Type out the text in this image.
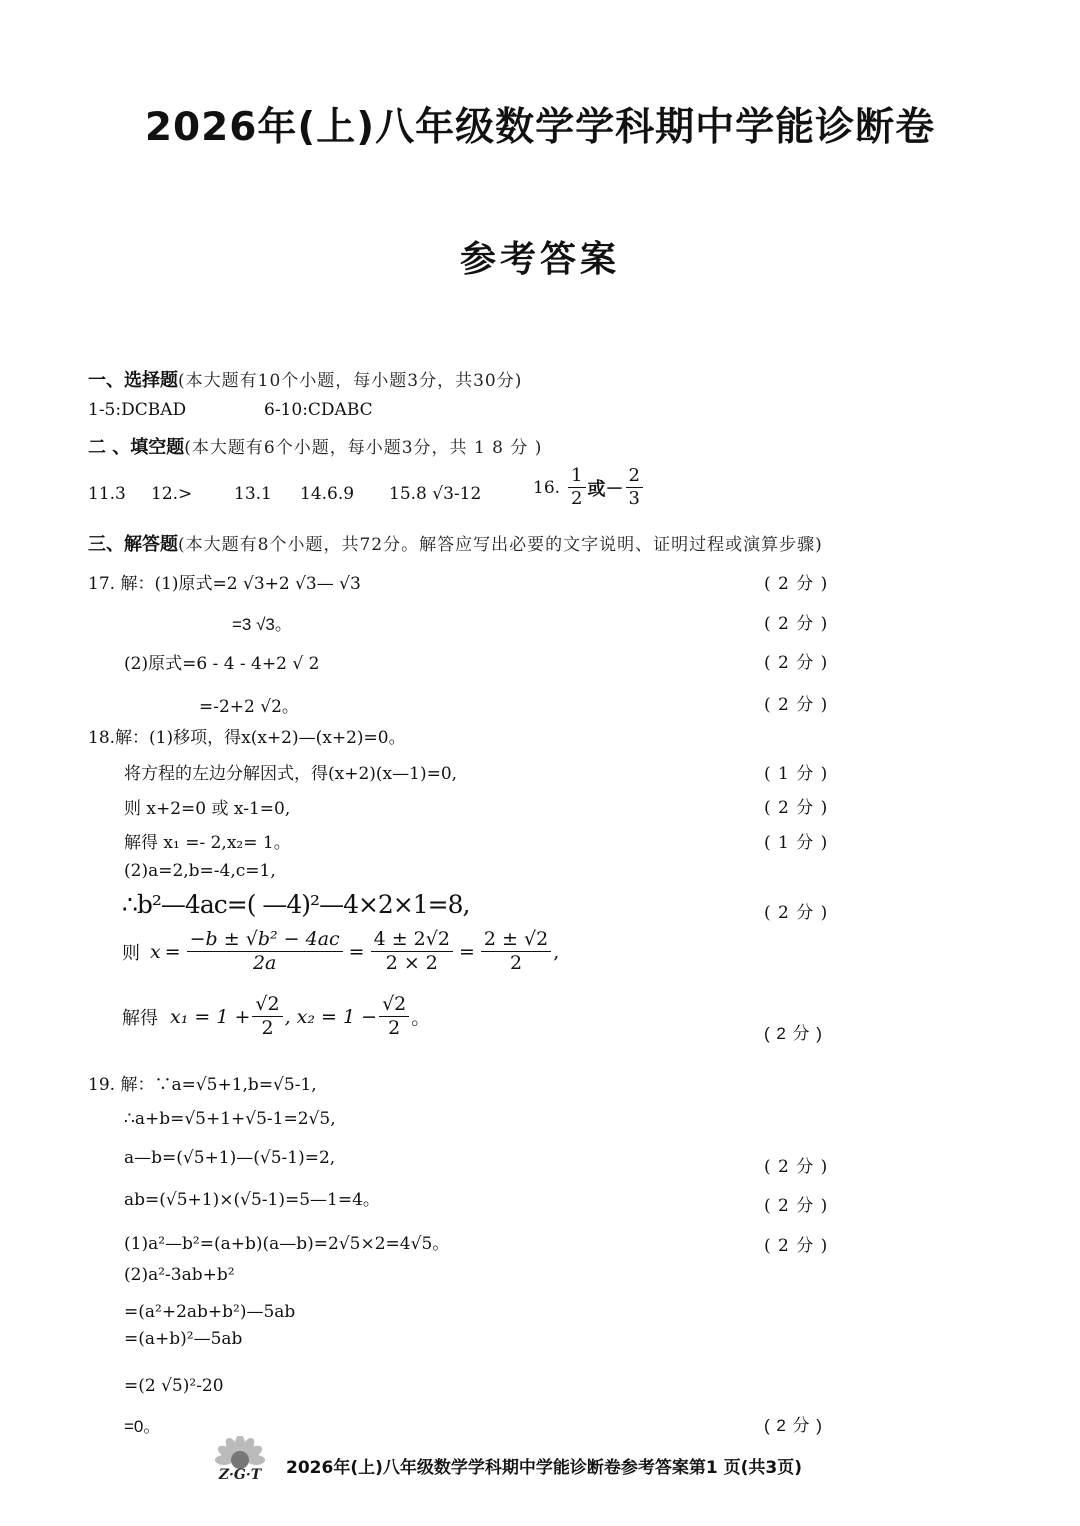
2026年(上)八年级数学学科期中学能诊断卷
参考答案
一、选择题(本大题有10个小题，每小题3分，共30分)
1-5:DCBAD	6-10:CDABC
二 、填空题(本大题有6个小题，每小题3分，共 1 8 分 )
11.3 12.> 13.1 14.6.9 15.8 √3-12	16. $\frac{1}{2}$ 或－ $\frac{2}{3}$
三、解答题(本大题有8个小题，共72分。解答应写出必要的文字说明、证明过程或演算步骤)
17. 解：(1)原式=2 √3+2 √3— √3	( 2 分 )
=3 √3。	( 2 分 )
(2)原式=6 - 4 - 4+2 √ 2	( 2 分 )
=-2+2 √2。	( 2 分 )
18.解：(1)移项，得x(x+2)—(x+2)=0。
将方程的左边分解因式，得(x+2)(x—1)=0,	( 1 分 )
则 x+2=0 或 x-1=0,	( 2 分 )
解得 x₁ =- 2,x₂= 1。	( 1 分 )
(2)a=2,b=-4,c=1,
∴b²—4ac=( —4)²—4×2×1=8,	( 2 分 )
则 $x = \frac{\text{−b ± √b² − 4ac}}{2a} = \frac{4 \pm 2√2}{2 \times 2} = \frac{2 \pm √2}{2}$ ,
解得 $x_1 = 1 + \frac{√2}{2}$ , $x_2 = 1 - \frac{√2}{2}$ 。
( 2 分 )
19. 解：∵a=√5+1,b=√5-1,
∴a+b=√5+1+√5-1=2√5,
a—b=(√5+1)—(√5-1)=2,	( 2 分 )
ab=(√5+1)×(√5-1)=5—1=4。	( 2 分 )
(1)a²—b²=(a+b)(a—b)=2√5×2=4√5。	( 2 分 )
(2)a²-3ab+b²
=(a²+2ab+b²)—5ab
=(a+b)²—5ab
=(2 √5)²-20
=0。	( 2 分 )
Z·G·T 2026年(上)八年级数学学科期中学能诊断卷参考答案第1 页(共3页)
